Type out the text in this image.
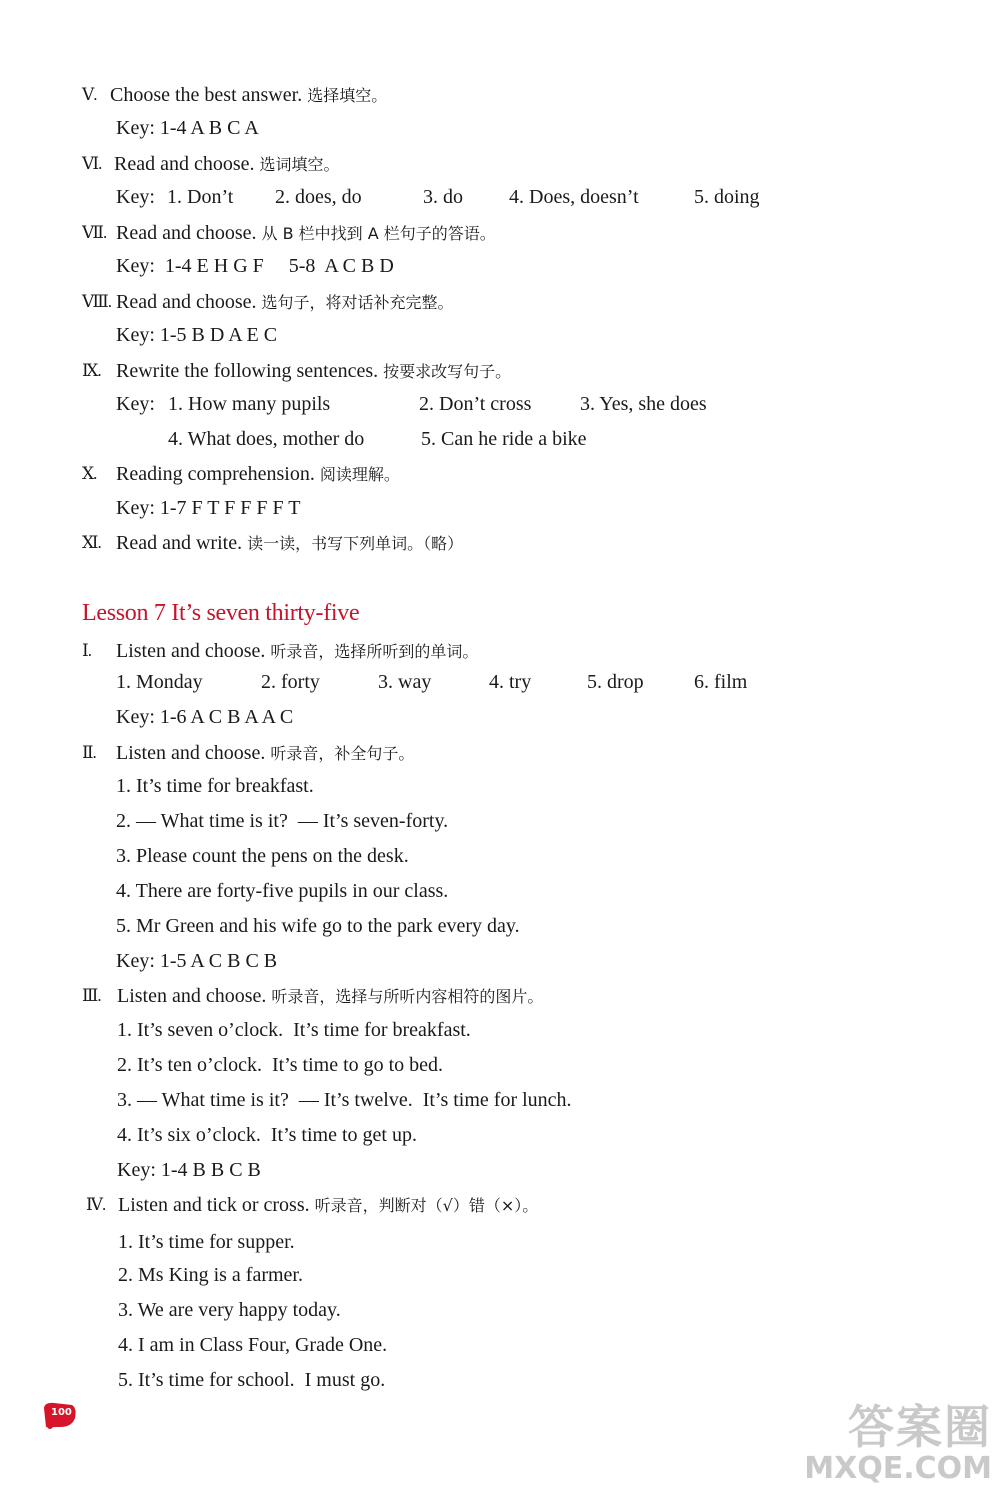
Ⅴ. Choose the best answer. 选择填空。
Key: 1-4 A B C A
Ⅵ. Read and choose. 选词填空。
Key: 1. Don’t 2. does, do	3. do 4. Does, doesn’t	5. doing
Ⅶ. Read and choose. 从 B 栏中找到 A 栏句子的答语。
Key:  1-4 E H G F     5-8  A C B D
Ⅷ. Read and choose. 选句子，将对话补充完整。
Key: 1-5 B D A E C
Ⅸ. Rewrite the following sentences. 按要求改写句子。
Key: 1. How many pupils	2. Don’t cross 3. Yes, she does
4. What does, mother do	5. Can he ride a bike
Ⅹ. Reading comprehension. 阅读理解。
Key: 1-7 F T F F F F T
Ⅺ. Read and write. 读一读，书写下列单词。（略）
Lesson 7 It’s seven thirty-five
Ⅰ. Listen and choose. 听录音，选择所听到的单词。
1. Monday	2. forty	3. way	4. try	5. drop	6. film
Key: 1-6 A C B A A C
Ⅱ. Listen and choose. 听录音，补全句子。
1. It’s time for breakfast.
2. — What time is it?  — It’s seven-forty.
3. Please count the pens on the desk.
4. There are forty-five pupils in our class.
5. Mr Green and his wife go to the park every day.
Key: 1-5 A C B C B
Ⅲ. Listen and choose. 听录音，选择与所听内容相符的图片。
1. It’s seven o’clock.  It’s time for breakfast.
2. It’s ten o’clock.  It’s time to go to bed.
3. — What time is it?  — It’s twelve.  It’s time for lunch.
4. It’s six o’clock.  It’s time to get up.
Key: 1-4 B B C B
Ⅳ. Listen and tick or cross. 听录音，判断对（√）错（×）。
1. It’s time for supper.
2. Ms King is a farmer.
3. We are very happy today.
4. I am in Class Four, Grade One.
5. It’s time for school.  I must go.
100	答案圈
MXQE.COM
